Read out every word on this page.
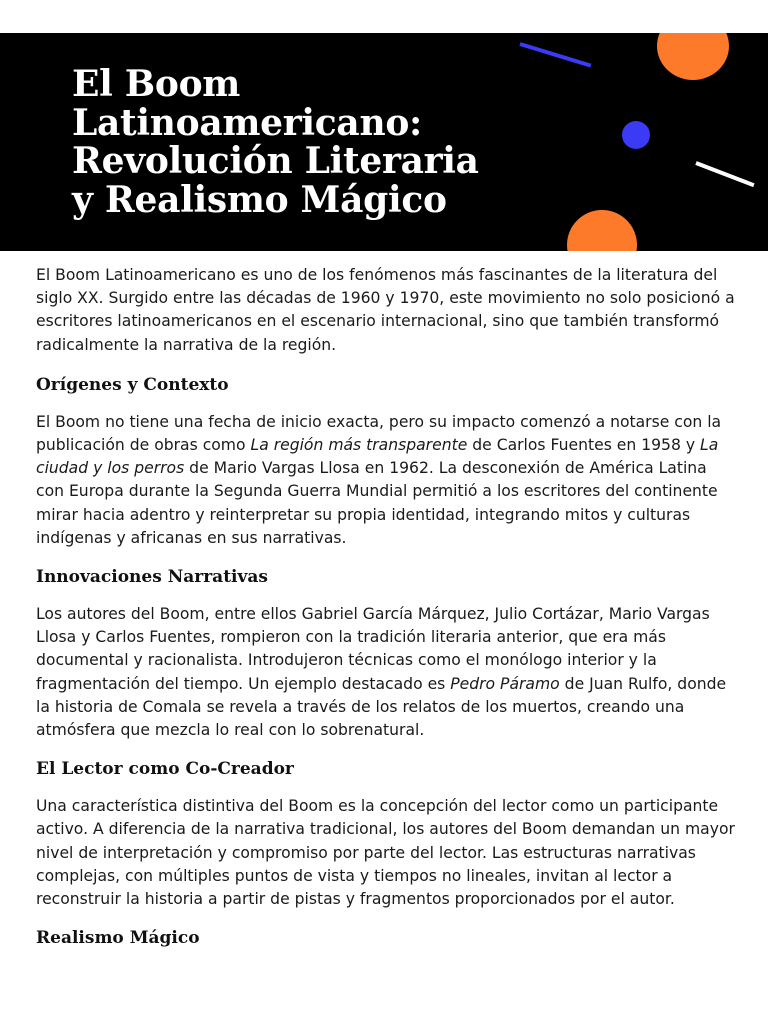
El Boom
Latinoamericano:
Revolución Literaria
y Realismo Mágico

El Boom Latinoamericano es uno de los fenómenos más fascinantes de la literatura del siglo XX. Surgido entre las décadas de 1960 y 1970, este movimiento no solo posicionó a escritores latinoamericanos en el escenario internacional, sino que también transformó radicalmente la narrativa de la región.

Orígenes y Contexto

El Boom no tiene una fecha de inicio exacta, pero su impacto comenzó a notarse con la publicación de obras como La región más transparente de Carlos Fuentes en 1958 y La ciudad y los perros de Mario Vargas Llosa en 1962. La desconexión de América Latina con Europa durante la Segunda Guerra Mundial permitió a los escritores del continente mirar hacia adentro y reinterpretar su propia identidad, integrando mitos y culturas indígenas y africanas en sus narrativas.

Innovaciones Narrativas

Los autores del Boom, entre ellos Gabriel García Márquez, Julio Cortázar, Mario Vargas Llosa y Carlos Fuentes, rompieron con la tradición literaria anterior, que era más documental y racionalista. Introdujeron técnicas como el monólogo interior y la fragmentación del tiempo. Un ejemplo destacado es Pedro Páramo de Juan Rulfo, donde la historia de Comala se revela a través de los relatos de los muertos, creando una atmósfera que mezcla lo real con lo sobrenatural.

El Lector como Co-Creador

Una característica distintiva del Boom es la concepción del lector como un participante activo. A diferencia de la narrativa tradicional, los autores del Boom demandan un mayor nivel de interpretación y compromiso por parte del lector. Las estructuras narrativas complejas, con múltiples puntos de vista y tiempos no lineales, invitan al lector a reconstruir la historia a partir de pistas y fragmentos proporcionados por el autor.

Realismo Mágico
